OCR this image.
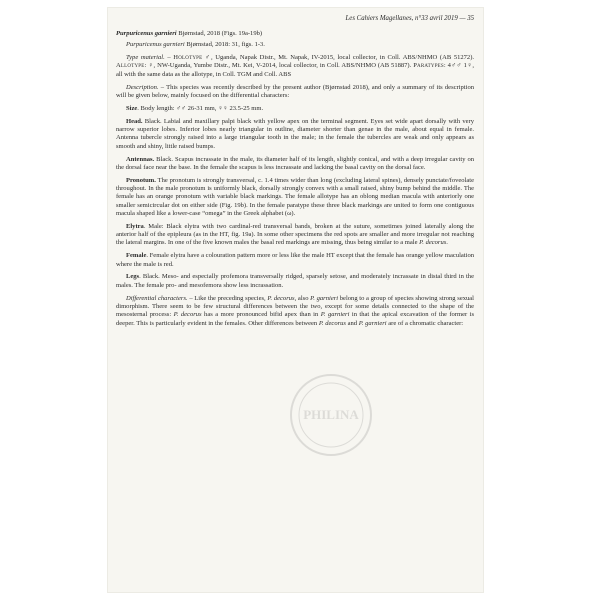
Les Cahiers Magellanes, n°33 avril 2019 — 35

Purpuricenus garnieri Bjørnstad, 2018 (Figs. 19a-19b)

Purpuricenus garnieri Bjørnstad, 2018: 31, figs. 1-3.

Type material. – Holotype ♂, Uganda, Napak Distr., Mt. Napak, IV-2015, local collector, in Coll. ABS/NHMO (AB 51272). Allotype: ♀, NW-Uganda, Yumbe Distr., Mt. Kei, V-2014, local collector, in Coll. ABS/NHMO (AB 51887). Paratypes: 4♂♂ 1♀, all with the same data as the allotype, in Coll. TGM and Coll. ABS

Description. – This species was recently described by the present author (Bjørnstad 2018), and only a summary of its description will be given below, mainly focused on the differential characters:

Size. Body length: ♂♂ 26-31 mm, ♀♀ 23.5-25 mm.

Head. Black. Labial and maxillary palpi black with yellow apex on the terminal segment. Eyes set wide apart dorsally with very narrow superior lobes. Inferior lobes nearly triangular in outline, diameter shorter than genae in the male, about equal in female. Antenna tubercle strongly raised into a large triangular tooth in the male; in the female the tubercles are weak and only appears as smooth and shiny, little raised bumps.

Antennas. Black. Scapus incrassate in the male, its diameter half of its length, slightly conical, and with a deep irregular cavity on the dorsal face near the base. In the female the scapus is less incrassate and lacking the basal cavity on the dorsal face.

Pronotum. The pronotum is strongly transversal, c. 1.4 times wider than long (excluding lateral spines), densely punctate/foveolate throughout. In the male pronotum is uniformly black, dorsally strongly convex with a small raised, shiny bump behind the middle. The female has an orange pronotum with variable black markings. The female allotype has an oblong median macula with anteriorly one smaller semicircular dot on either side (Fig. 19b). In the female paratype these three black markings are united to form one contiguous macula shaped like a lower-case “omega” in the Greek alphabet (ω).

Elytra. Male: Black elytra with two cardinal-red transversal bands, broken at the suture, sometimes joined laterally along the anterior half of the epipleura (as in the HT, fig. 19a). In some other specimens the red spots are smaller and more irregular not reaching the lateral margins. In one of the five known males the basal red markings are missing, thus being similar to a male P. decorus.

Female. Female elytra have a colouration pattern more or less like the male HT except that the female has orange yellow maculation where the male is red.

Legs. Black. Meso- and especially profemora transversally ridged, sparsely setose, and moderately incrassate in distal third in the males. The female pro- and mesofemora show less incrassation.

Differential characters. – Like the preceding species, P. decorus, also P. garnieri belong to a group of species showing strong sexual dimorphism. There seem to be few structural differences between the two, except for some details connected to the shape of the mesosternal process: P. decorus has a more pronounced bifid apex than in P. garnieri in that the apical excavation of the former is deeper. This is particularly evident in the females. Other differences between P. decorus and P. garnieri are of a chromatic character:

PHILINA
